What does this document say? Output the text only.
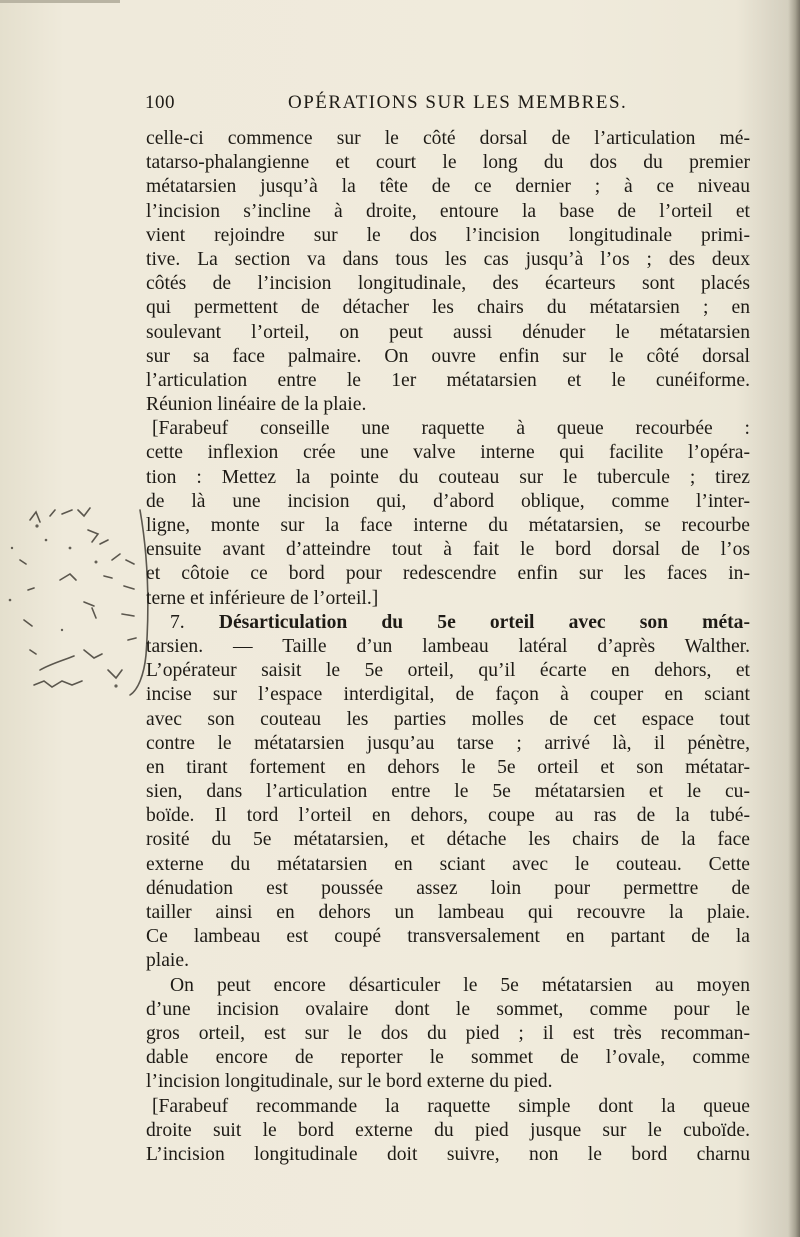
100	OPÉRATIONS SUR LES MEMBRES.
celle-ci commence sur le côté dorsal de l’articulation mé-
tatarso-phalangienne et court le long du dos du premier
métatarsien jusqu’à la tête de ce dernier ; à ce niveau
l’incision s’incline à droite, entoure la base de l’orteil et
vient rejoindre sur le dos l’incision longitudinale primi-
tive. La section va dans tous les cas jusqu’à l’os ; des deux
côtés de l’incision longitudinale, des écarteurs sont placés
qui permettent de détacher les chairs du métatarsien ; en
soulevant l’orteil, on peut aussi dénuder le métatarsien
sur sa face palmaire. On ouvre enfin sur le côté dorsal
l’articulation entre le 1er métatarsien et le cunéiforme.
Réunion linéaire de la plaie.
[Farabeuf conseille une raquette à queue recourbée :
cette inflexion crée une valve interne qui facilite l’opéra-
tion : Mettez la pointe du couteau sur le tubercule ; tirez
de là une incision qui, d’abord oblique, comme l’inter-
ligne, monte sur la face interne du métatarsien, se recourbe
ensuite avant d’atteindre tout à fait le bord dorsal de l’os
et côtoie ce bord pour redescendre enfin sur les faces in-
terne et inférieure de l’orteil.]
7. Désarticulation du 5e orteil avec son méta-
tarsien. — Taille d’un lambeau latéral d’après Walther.
L’opérateur saisit le 5e orteil, qu’il écarte en dehors, et
incise sur l’espace interdigital, de façon à couper en sciant
avec son couteau les parties molles de cet espace tout
contre le métatarsien jusqu’au tarse ; arrivé là, il pénètre,
en tirant fortement en dehors le 5e orteil et son métatar-
sien, dans l’articulation entre le 5e métatarsien et le cu-
boïde. Il tord l’orteil en dehors, coupe au ras de la tubé-
rosité du 5e métatarsien, et détache les chairs de la face
externe du métatarsien en sciant avec le couteau. Cette
dénudation est poussée assez loin pour permettre de
tailler ainsi en dehors un lambeau qui recouvre la plaie.
Ce lambeau est coupé transversalement en partant de la
plaie.
On peut encore désarticuler le 5e métatarsien au moyen
d’une incision ovalaire dont le sommet, comme pour le
gros orteil, est sur le dos du pied ; il est très recomman-
dable encore de reporter le sommet de l’ovale, comme
l’incision longitudinale, sur le bord externe du pied.
[Farabeuf recommande la raquette simple dont la queue
droite suit le bord externe du pied jusque sur le cuboïde.
L’incision longitudinale doit suivre, non le bord charnu
